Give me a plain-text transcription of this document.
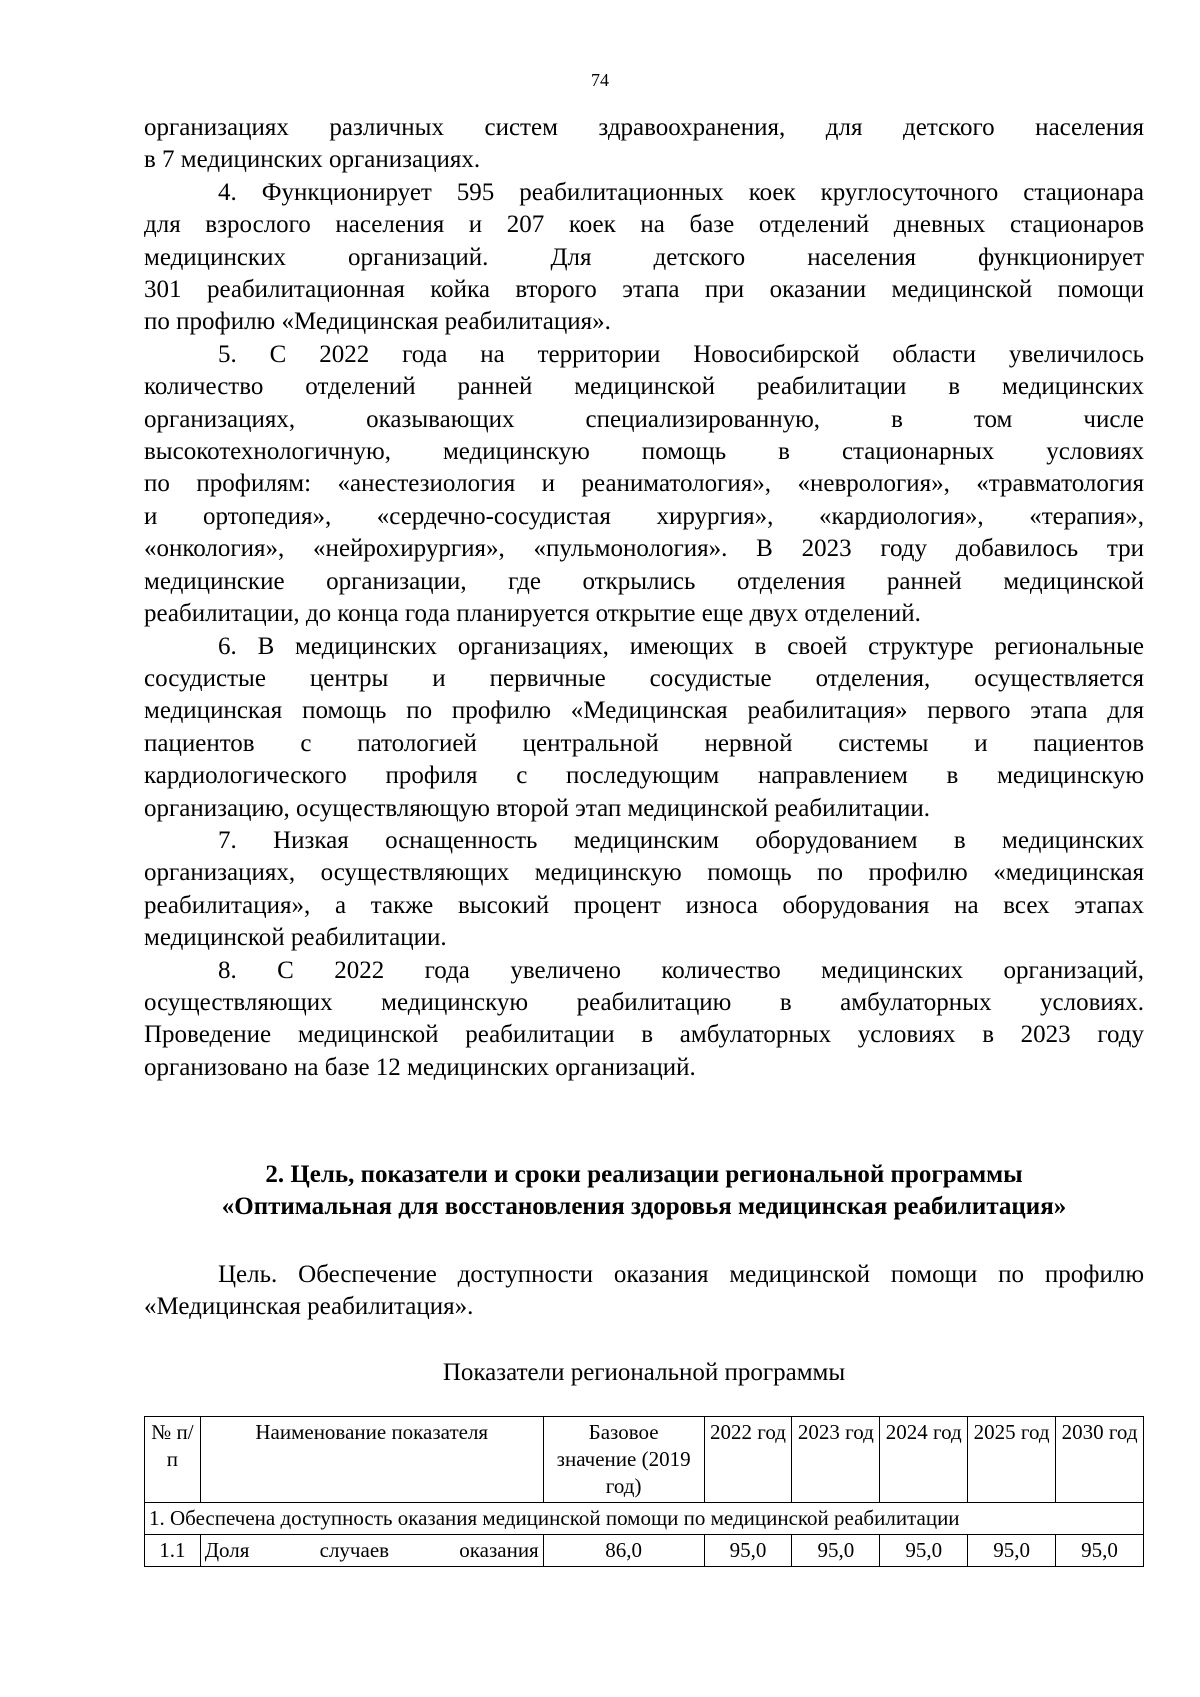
74

организациях различных систем здравоохранения, для детского населения

в 7 медицинских организациях.

4. Функционирует 595 реабилитационных коек круглосуточного стационара

для взрослого населения и 207 коек на базе отделений дневных стационаров

медицинских организаций. Для детского населения функционирует

301 реабилитационная койка второго этапа при оказании медицинской помощи

по профилю «Медицинская реабилитация».

5. С 2022 года на территории Новосибирской области увеличилось

количество отделений ранней медицинской реабилитации в медицинских

организациях, оказывающих специализированную, в том числе

высокотехнологичную, медицинскую помощь в стационарных условиях

по профилям: «анестезиология и реаниматология», «неврология», «травматология

и ортопедия», «сердечно-сосудистая хирургия», «кардиология», «терапия»,

«онкология», «нейрохирургия», «пульмонология». В 2023 году добавилось три

медицинские организации, где открылись отделения ранней медицинской

реабилитации, до конца года планируется открытие еще двух отделений.

6. В медицинских организациях, имеющих в своей структуре региональные

сосудистые центры и первичные сосудистые отделения, осуществляется

медицинская помощь по профилю «Медицинская реабилитация» первого этапа для

пациентов с патологией центральной нервной системы и пациентов

кардиологического профиля с последующим направлением в медицинскую

организацию, осуществляющую второй этап медицинской реабилитации.

7. Низкая оснащенность медицинским оборудованием в медицинских

организациях, осуществляющих медицинскую помощь по профилю «медицинская

реабилитация», а также высокий процент износа оборудования на всех этапах

медицинской реабилитации.

8. С 2022 года увеличено количество медицинских организаций,

осуществляющих медицинскую реабилитацию в амбулаторных условиях.

Проведение медицинской реабилитации в амбулаторных условиях в 2023 году

организовано на базе 12 медицинских организаций.

2. Цель, показатели и сроки реализации региональной программы
«Оптимальная для восстановления здоровья медицинская реабилитация»
Цель. Обеспечение доступности оказания медицинской помощи по профилю «Медицинская реабилитация».
Показатели региональной программы
№ п/п	Наименование показателя	Базовое значение (2019 год)	2022 год	2023 год	2024 год	2025 год	2030 год
1. Обеспечена доступность оказания медицинской помощи по медицинской реабилитации							
1.1	Доля случаев оказания	86,0	95,0	95,0	95,0	95,0	95,0
